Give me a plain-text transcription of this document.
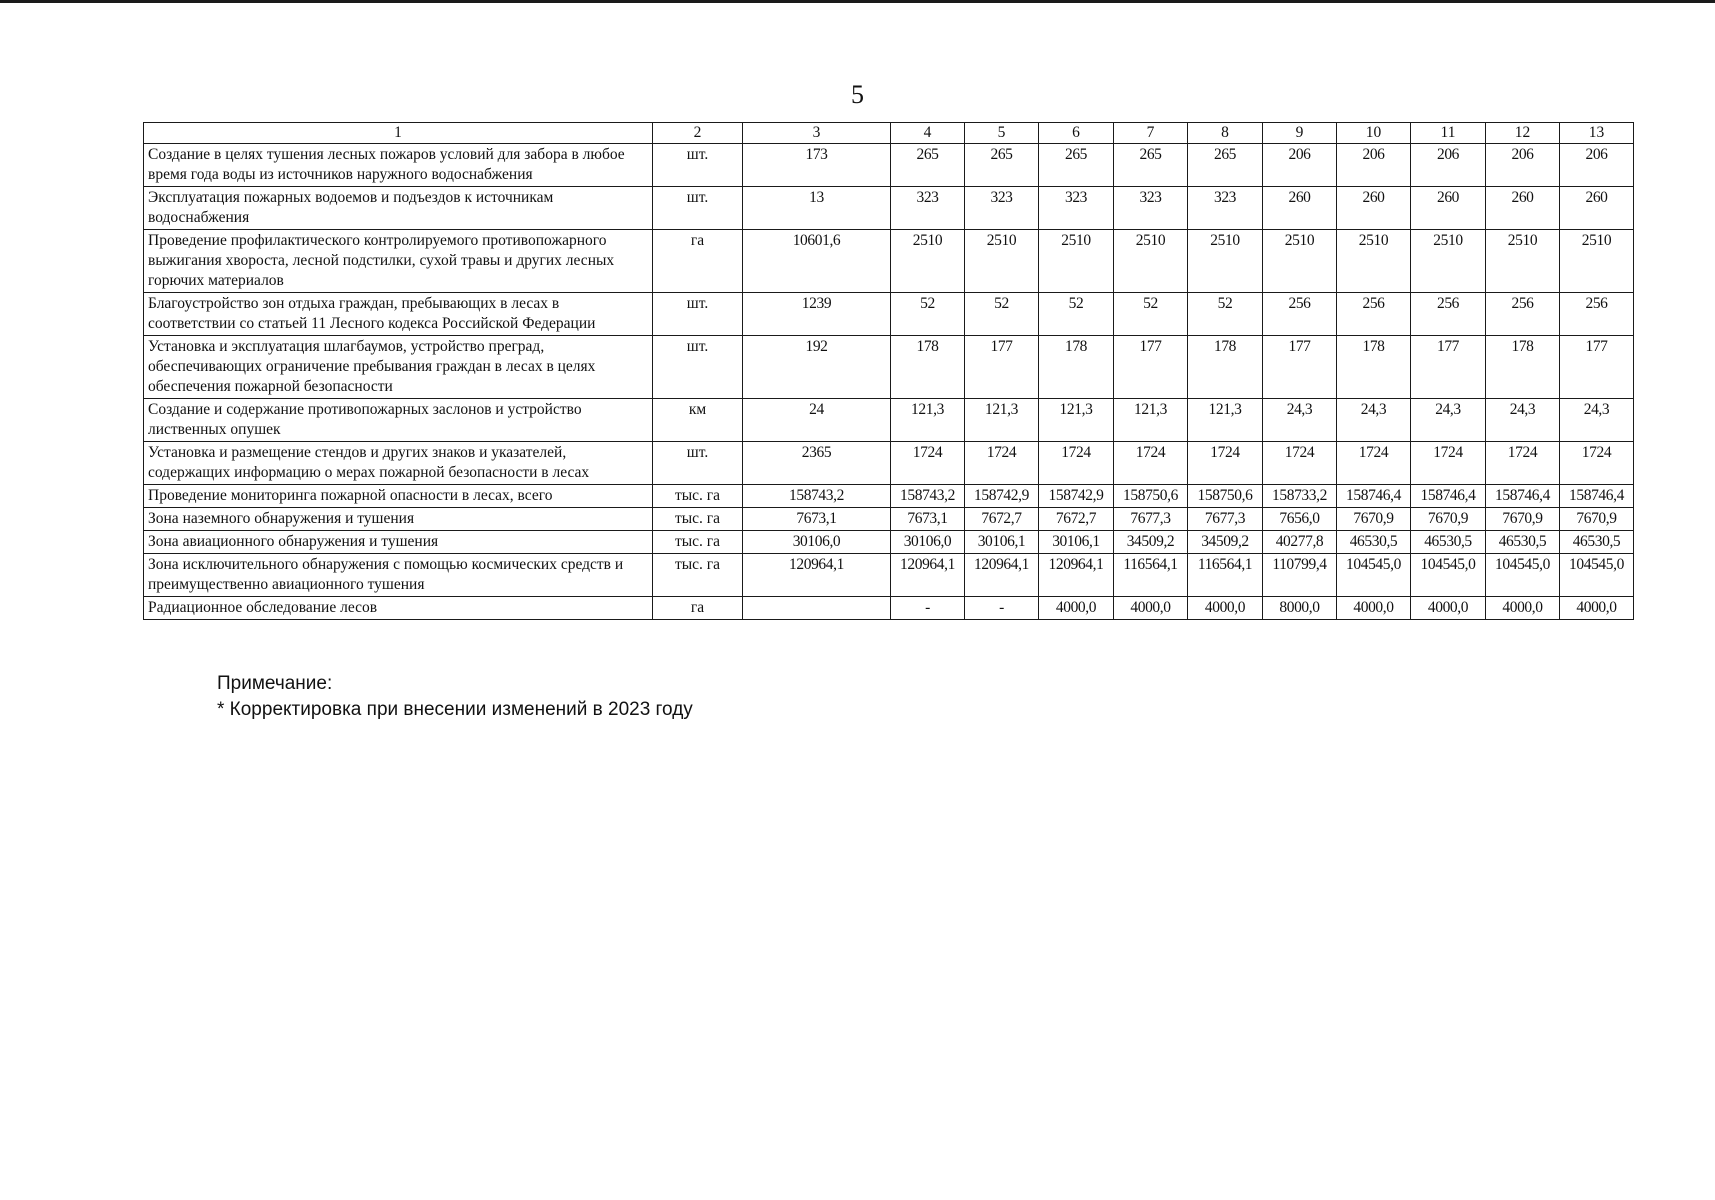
5
1	2	3	4	5	6	7	8	9	10	11	12	13
Создание в целях тушения лесных пожаров условий для забора в любое время года воды из источников наружного водоснабжения	шт.	173	265	265	265	265	265	206	206	206	206	206
Эксплуатация пожарных водоемов и подъездов к источникам водоснабжения	шт.	13	323	323	323	323	323	260	260	260	260	260
Проведение профилактического контролируемого противопожарного выжигания хвороста, лесной подстилки, сухой травы и других лесных горючих материалов	га	10601,6	2510	2510	2510	2510	2510	2510	2510	2510	2510	2510
Благоустройство зон отдыха граждан, пребывающих в лесах в соответствии со статьей 11 Лесного кодекса Российской Федерации	шт.	1239	52	52	52	52	52	256	256	256	256	256
Установка и эксплуатация шлагбаумов, устройство преград, обеспечивающих ограничение пребывания граждан в лесах в целях обеспечения пожарной безопасности	шт.	192	178	177	178	177	178	177	178	177	178	177
Создание и содержание противопожарных заслонов и устройство лиственных опушек	км	24	121,3	121,3	121,3	121,3	121,3	24,3	24,3	24,3	24,3	24,3
Установка и размещение стендов и других знаков и указателей, содержащих информацию о мерах пожарной безопасности в лесах	шт.	2365	1724	1724	1724	1724	1724	1724	1724	1724	1724	1724
Проведение мониторинга пожарной опасности в лесах, всего	тыс. га	158743,2	158743,2	158742,9	158742,9	158750,6	158750,6	158733,2	158746,4	158746,4	158746,4	158746,4
Зона наземного обнаружения и тушения	тыс. га	7673,1	7673,1	7672,7	7672,7	7677,3	7677,3	7656,0	7670,9	7670,9	7670,9	7670,9
Зона авиационного обнаружения и тушения	тыс. га	30106,0	30106,0	30106,1	30106,1	34509,2	34509,2	40277,8	46530,5	46530,5	46530,5	46530,5
Зона исключительного обнаружения с помощью космических средств и преимущественно авиационного тушения	тыс. га	120964,1	120964,1	120964,1	120964,1	116564,1	116564,1	110799,4	104545,0	104545,0	104545,0	104545,0
Радиационное обследование лесов	га		-	-	4000,0	4000,0	4000,0	8000,0	4000,0	4000,0	4000,0	4000,0
Примечание:
* Корректировка при внесении изменений в 2023 году
